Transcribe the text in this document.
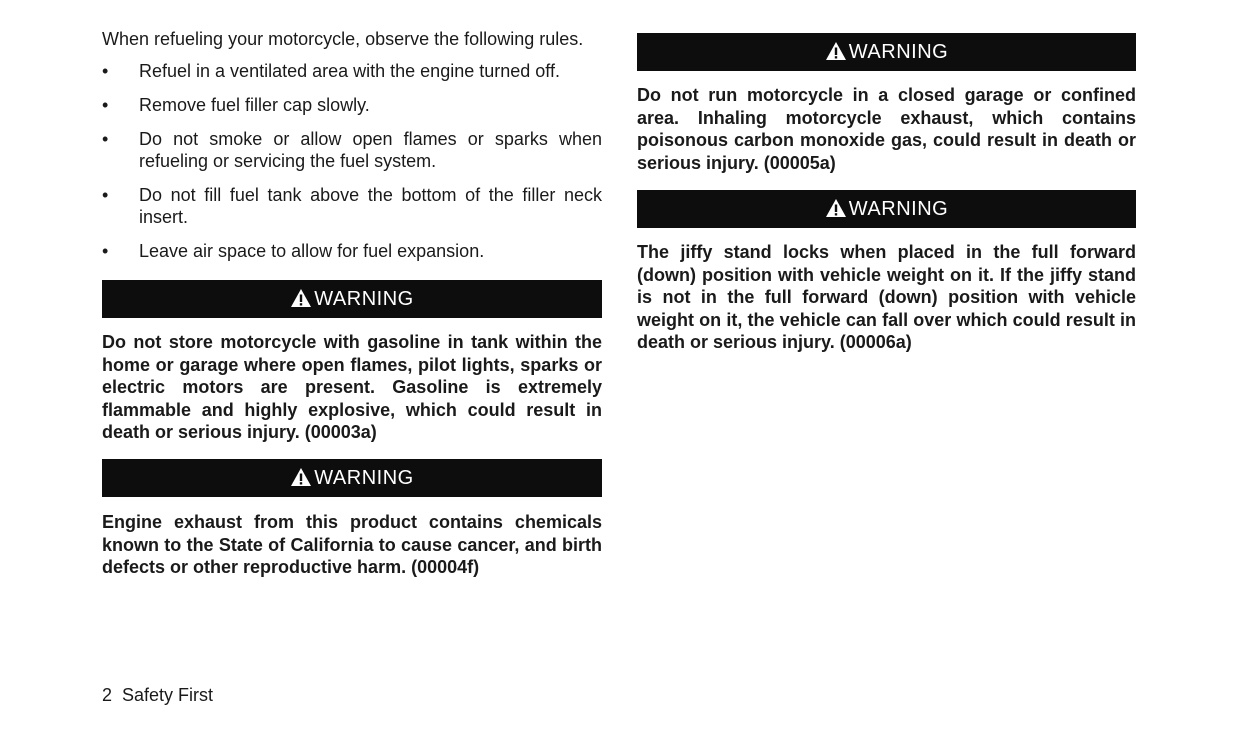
When refueling your motorcycle, observe the following rules.

• Refuel in a ventilated area with the engine turned off.
• Remove fuel filler cap slowly.
• Do not smoke or allow open flames or sparks when refueling or servicing the fuel system.
• Do not fill fuel tank above the bottom of the filler neck insert.
• Leave air space to allow for fuel expansion.
WARNING

Do not store motorcycle with gasoline in tank within the home or garage where open flames, pilot lights, sparks or electric motors are present. Gasoline is extremely flammable and highly explosive, which could result in death or serious injury. (00003a)

WARNING

Engine exhaust from this product contains chemicals known to the State of California to cause cancer, and birth defects or other reproductive harm. (00004f)

WARNING

Do not run motorcycle in a closed garage or confined area. Inhaling motorcycle exhaust, which contains poisonous carbon monoxide gas, could result in death or serious injury. (00005a)

WARNING

The jiffy stand locks when placed in the full forward (down) position with vehicle weight on it. If the jiffy stand is not in the full forward (down) position with vehicle weight on it, the vehicle can fall over which could result in death or serious injury. (00006a)

2 Safety First
